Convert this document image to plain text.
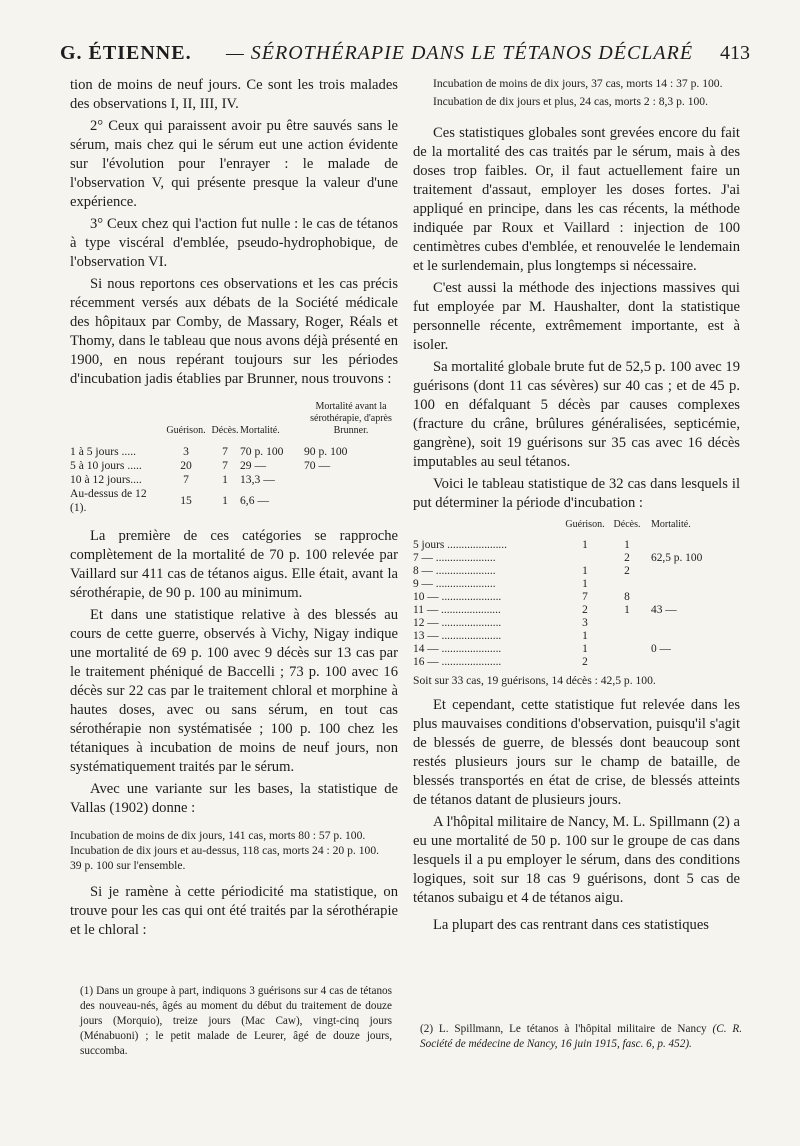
G. ÉTIENNE. — SÉROTHÉRAPIE DANS LE TÉTANOS DÉCLARÉ 413

tion de moins de neuf jours. Ce sont les trois malades des observations I, II, III, IV.

2° Ceux qui paraissent avoir pu être sauvés sans le sérum, mais chez qui le sérum eut une action évidente sur l'évolution pour l'enrayer : le malade de l'observation V, qui présente presque la valeur d'une expérience.

3° Ceux chez qui l'action fut nulle : le cas de tétanos à type viscéral d'emblée, pseudo-hydrophobique, de l'observation VI.

Si nous reportons ces observations et les cas précis récemment versés aux débats de la Société médicale des hôpitaux par Comby, de Massary, Roger, Réals et Thomy, dans le tableau que nous avons déjà présenté en 1900, en nous repérant toujours sur les périodes d'incubation jadis établies par Brunner, nous trouvons :

	Guérison.	Décès.	Mortalité.	Mortalité avant la sérothérapie, d'après Brunner.
1 à 5 jours .....	3	7	70 p. 100	90 p. 100
5 à 10 jours .....	20	7	29 —	70 —
10 à 12 jours....	7	1	13,3 —	
Au-dessus de 12 (1).	15	1	6,6 —	

La première de ces catégories se rapproche complètement de la mortalité de 70 p. 100 relevée par Vaillard sur 411 cas de tétanos aigus. Elle était, avant la sérothérapie, de 90 p. 100 au minimum.

Et dans une statistique relative à des blessés au cours de cette guerre, observés à Vichy, Nigay indique une mortalité de 69 p. 100 avec 9 décès sur 13 cas par le traitement phéniqué de Baccelli ; 73 p. 100 avec 16 décès sur 22 cas par le traitement chloral et morphine à hautes doses, avec ou sans sérum, en tout cas sérothérapie non systématisée ; 100 p. 100 chez les tétaniques à incubation de moins de neuf jours, non systématiquement traités par le sérum.

Avec une variante sur les bases, la statistique de Vallas (1902) donne :

Incubation de moins de dix jours, 141 cas, morts 80 : 57 p. 100.

Incubation de dix jours et au-dessus, 118 cas, morts 24 : 20 p. 100.

39 p. 100 sur l'ensemble.

Si je ramène à cette périodicité ma statistique, on trouve pour les cas qui ont été traités par la sérothérapie et le chloral :

(1) Dans un groupe à part, indiquons 3 guérisons sur 4 cas de tétanos des nouveau-nés, âgés au moment du début du traitement de douze jours (Morquio), treize jours (Mac Caw), vingt-cinq jours (Ménabuoni) ; le petit malade de Leurer, âgé de douze jours, succomba.

Incubation de moins de dix jours, 37 cas, morts 14 : 37 p. 100.

Incubation de dix jours et plus, 24 cas, morts 2 : 8,3 p. 100.

Ces statistiques globales sont grevées encore du fait de la mortalité des cas traités par le sérum, mais à des doses trop faibles. Or, il faut actuellement faire un traitement d'assaut, employer les doses fortes. J'ai appliqué en principe, dans les cas récents, la méthode indiquée par Roux et Vaillard : injection de 100 centimètres cubes d'emblée, et renouvelée le lendemain et le surlendemain, plus longtemps si nécessaire.

C'est aussi la méthode des injections massives qui fut employée par M. Haushalter, dont la statistique personnelle récente, extrêmement importante, est à isoler.

Sa mortalité globale brute fut de 52,5 p. 100 avec 19 guérisons (dont 11 cas sévères) sur 40 cas ; et de 45 p. 100 en défalquant 5 décès par causes complexes (fracture du crâne, brûlures généralisées, septicémie, gangrène), soit 19 guérisons sur 35 cas avec 16 décès imputables au seul tétanos.

Voici le tableau statistique de 32 cas dans lesquels il put déterminer la période d'incubation :

	Guérison.	Décès.	Mortalité.
5 jours .....................	1	1	
7 — .....................		2	62,5 p. 100
8 — .....................	1	2	
9 — .....................	1		
10 — .....................	7	8	
11 — .....................	2	1	43 —
12 — .....................	3		
13 — .....................	1		
14 — .....................	1		0 —
16 — .....................	2		

Soit sur 33 cas, 19 guérisons, 14 décès : 42,5 p. 100.

Et cependant, cette statistique fut relevée dans les plus mauvaises conditions d'observation, puisqu'il s'agit de blessés de guerre, de blessés dont beaucoup sont restés plusieurs jours sur le champ de bataille, de blessés transportés en état de crise, de blessés atteints de tétanos datant de plusieurs jours.

A l'hôpital militaire de Nancy, M. L. Spillmann (2) a eu une mortalité de 50 p. 100 sur le groupe de cas dans lesquels il a pu employer le sérum, dans des conditions logiques, soit sur 18 cas 9 guérisons, dont 5 cas de tétanos subaigu et 4 de tétanos aigu.

La plupart des cas rentrant dans ces statistiques

(2) L. Spillmann, Le tétanos à l'hôpital militaire de Nancy (C. R. Société de médecine de Nancy, 16 juin 1915, fasc. 6, p. 452).
